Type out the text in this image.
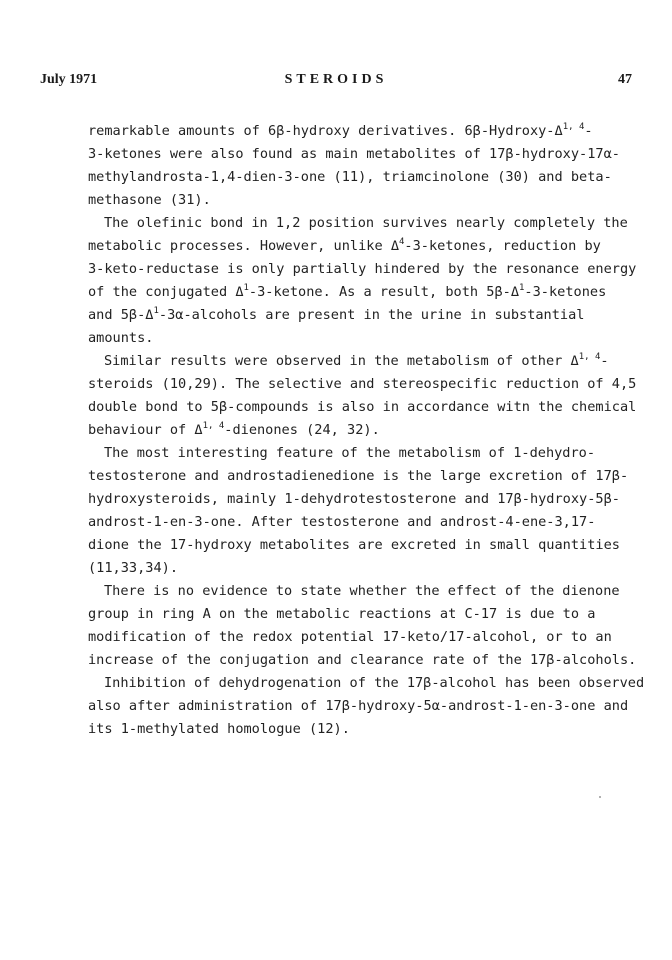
July 1971	STEROIDS	47
remarkable amounts of 6β-hydroxy derivatives. $6\beta-Hydroxy-\Delta^{1, 4}-$
3-ketones were also found as main metabolites of 17β-hydroxy-17α-
methylandrosta-1,4-dien-3-one (11), triamcinolone (30) and beta-
methasone (31).
The olefinic bond in 1,2 position survives nearly completely the
metabolic processes. However, unlike $\Delta^4-3$-ketones, reduction by
3-keto-reductase is only partially hindered by the resonance energy
of the conjugated $\Delta^1-3$-ketone. As a result, both $5\beta-\Delta^1-3$-ketones
and $5\beta-\Delta^1-3\alpha$-alcohols are present in the urine in substantial
amounts.
Similar results were observed in the metabolism of other Δ$^{1, 4}$-
steroids (10,29). The selective and stereospecific reduction of 4,5
double bond to 5β-compounds is also in accordance witn the chemical
behaviour of Δ$^{1, 4}$-dienones (24, 32).
The most interesting feature of the metabolism of 1-dehydro-
testosterone and androstadienedione is the large excretion of 17β-
hydroxysteroids, mainly 1-dehydrotestosterone and 17β-hydroxy-5β-
androst-1-en-3-one. After testosterone and androst-4-ene-3,17-
dione the 17-hydroxy metabolites are excreted in small quantities
(11,33,34).
There is no evidence to state whether the effect of the dienone
group in ring A on the metabolic reactions at C-17 is due to a
modification of the redox potential 17-keto/17-alcohol, or to an
increase of the conjugation and clearance rate of the 17β-alcohols.
Inhibition of dehydrogenation of the 17β-alcohol has been observed
also after administration of 17β-hydroxy-5α-androst-1-en-3-one and
its 1-methylated homologue (12).
